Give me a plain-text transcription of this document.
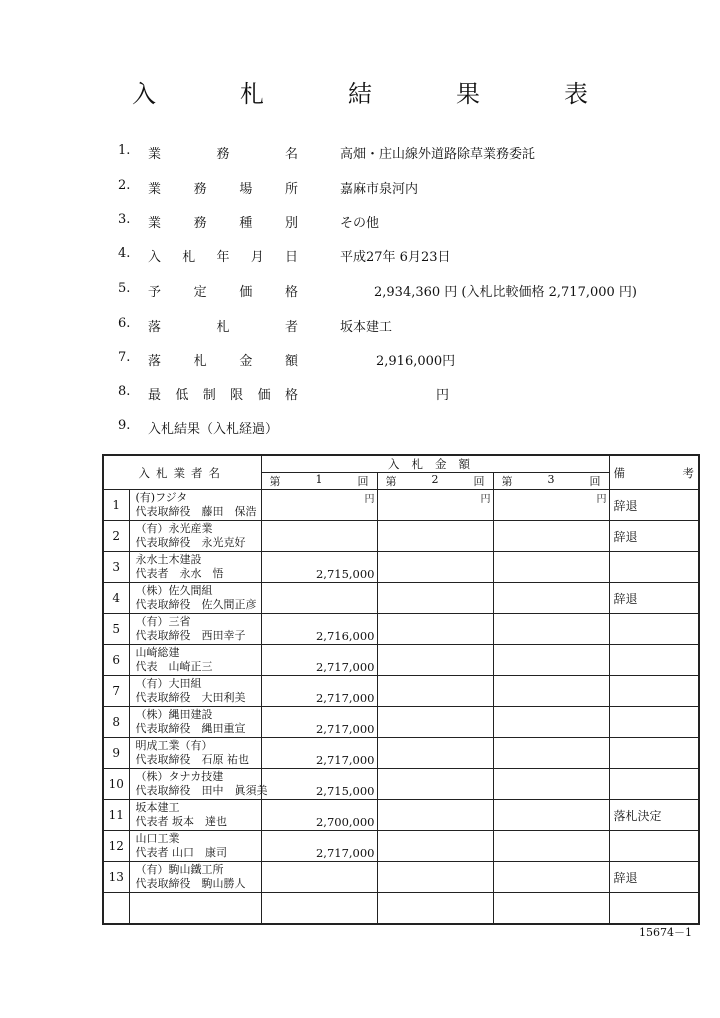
入　札　結　果　表
1.	業	務	名	高畑・庄山線外道路除草業務委託
2.	業	務	場	所	嘉麻市泉河内
3.	業	務	種	別	その他
4.	入 札 年 月 日	平成27年 6月23日
5.	予	定	価	格	2,934,360 円 (入札比較価格 2,717,000 円)
6.	落	札	者	坂本建工
7.	落	札	金	額	2,916,000円
8.	最 低 制 限 価 格	円
9.	入札結果（入札経過）
入札業者名		入札金額			備 考

		第 1 回	第 2 回	第 3 回	

1	(有)フジタ
代表取締役　藤田　保浩	円	円	円	辞退
2	（有）永光産業
代表取締役　永光克好				辞退
3	永水土木建設
代表者　永水　悟	2,715,000			

4	（株）佐久間組
代表取締役　佐久間正彦				辞退
5	（有）三省
代表取締役　西田幸子	2,716,000			

6	山崎総建
代表　山崎正三	2,717,000			

7	（有）大田組
代表取締役　大田利美	2,717,000			

8	（株）縄田建設
代表取締役　縄田重宣	2,717,000			

9	明成工業（有）
代表取締役　石原 祐也	2,717,000			

10	（株）タナカ技建
代表取締役　田中　眞須美	2,715,000			

11	坂本建工
代表者 坂本　達也	2,700,000			落札決定
12	山口工業
代表者 山口　康司	2,717,000			

13	（有）駒山鐵工所
代表取締役　駒山勝人				辞退

15674－1
